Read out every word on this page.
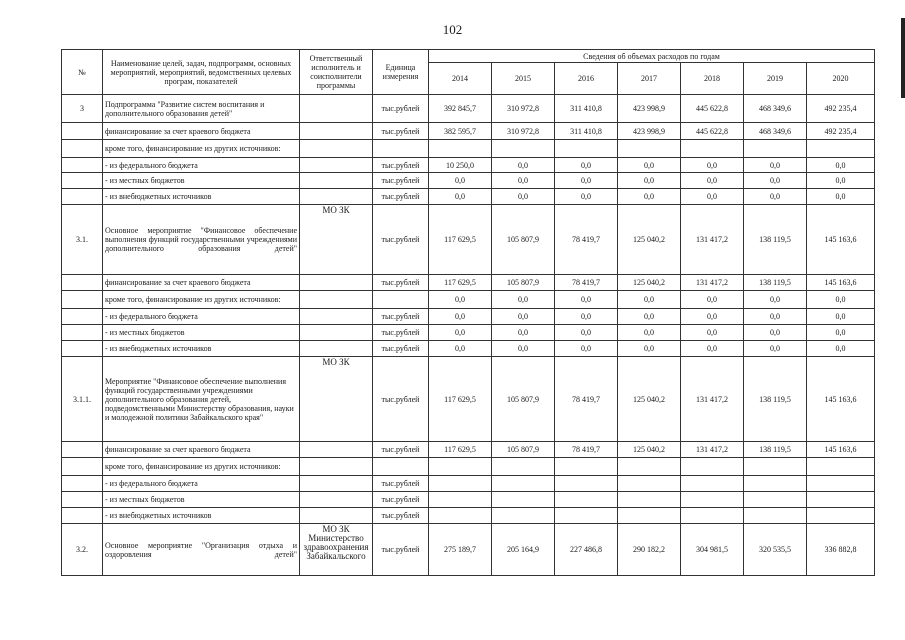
102
№	Наименование целей, задач, подпрограмм, основных мероприятий, мероприятий, ведомственных целевых програм, показателей	Ответственный исполнитель и соисполнители программы	Единица измерения	Сведения об объемах расходов по годам						
				2014	2015	2016	2017	2018	2019	2020
3	Подпрограмма "Развитие систем воспитания и дополнительного образования детей"		тыс.рублей	392 845,7	310 972,8	311 410,8	423 998,9	445 622,8	468 349,6	492 235,4
	финансирование за счет краевого бюджета		тыс.рублей	382 595,7	310 972,8	311 410,8	423 998,9	445 622,8	468 349,6	492 235,4
	кроме того, финансирование из других источников:									
	- из федерального бюджета		тыс.рублей	10 250,0	0,0	0,0	0,0	0,0	0,0	0,0
	- из местных бюджетов		тыс.рублей	0,0	0,0	0,0	0,0	0,0	0,0	0,0
	- из внебюджетных источников		тыс.рублей	0,0	0,0	0,0	0,0	0,0	0,0	0,0
3.1.	Основное мероприятие "Финансовое обеспечение выполнения функций государственными учреждениями дополнительного образования детей"	МО ЗК	тыс.рублей	117 629,5	105 807,9	78 419,7	125 040,2	131 417,2	138 119,5	145 163,6
	финансирование за счет краевого бюджета		тыс.рублей	117 629,5	105 807,9	78 419,7	125 040,2	131 417,2	138 119,5	145 163,6
	кроме того, финансирование из других источников:			0,0	0,0	0,0	0,0	0,0	0,0	0,0
	- из федерального бюджета		тыс.рублей	0,0	0,0	0,0	0,0	0,0	0,0	0,0
	- из местных бюджетов		тыс.рублей	0,0	0,0	0,0	0,0	0,0	0,0	0,0
	- из внебюджетных источников		тыс.рублей	0,0	0,0	0,0	0,0	0,0	0,0	0,0
3.1.1.	Мероприятие "Финансовое обеспечение выполнения функций государственными учреждениями дополнительного образования детей, подведомственными Министерству образования, науки и молодежной политики Забайкальского края"	МО ЗК	тыс.рублей	117 629,5	105 807,9	78 419,7	125 040,2	131 417,2	138 119,5	145 163,6
	финансирование за счет краевого бюджета		тыс.рублей	117 629,5	105 807,9	78 419,7	125 040,2	131 417,2	138 119,5	145 163,6
	кроме того, финансирование из других источников:									
	- из федерального бюджета		тыс.рублей							
	- из местных бюджетов		тыс.рублей							
	- из внебюджетных источников		тыс.рублей							
3.2.	Основное мероприятие "Организация отдыха и оздоровления детей"	МО ЗК Министерство здравоохранения Забайкальского	тыс.рублей	275 189,7	205 164,9	227 486,8	290 182,2	304 981,5	320 535,5	336 882,8
